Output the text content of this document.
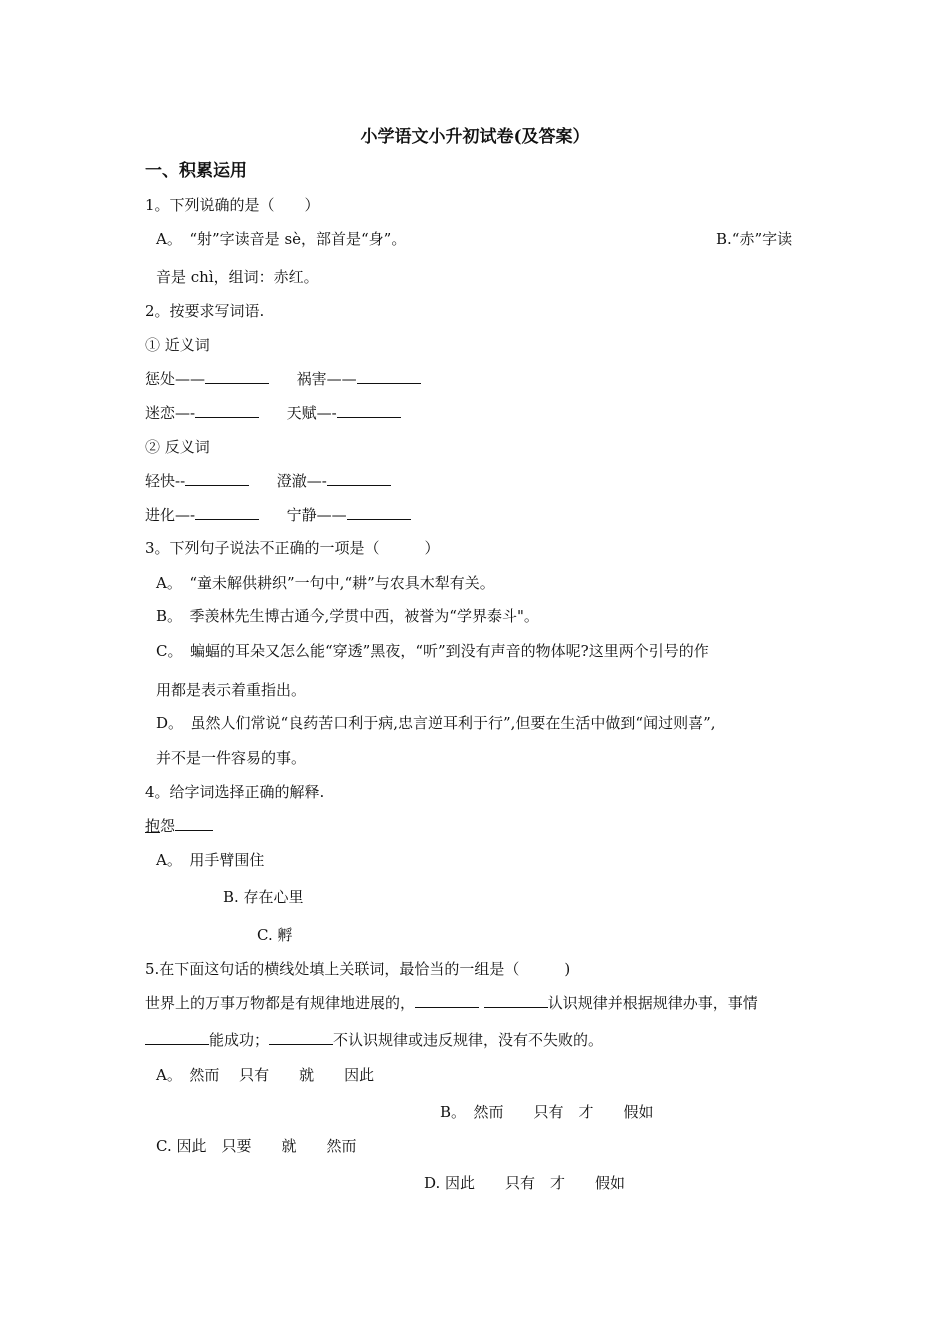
小学语文小升初试卷(及答案）
一、积累运用
1。下列说确的是（　　）
A。　“射”字读音是 sè，部首是“身”。	B.“赤”字读
音是 chì，组词：赤红。
2。按要求写词语.
① 近义词
惩处——	祸害——
迷恋—-	天赋—-
② 反义词
轻快--	澄澈—-
进化—-	宁静——
3。下列句子说法不正确的一项是（　　　）
A。　“童未解供耕织”一句中,“耕”与农具木犁有关。
B。　季羡林先生博古通今,学贯中西，被誉为“学界泰斗"。
C。　蝙蝠的耳朵又怎么能“穿透”黑夜，“听”到没有声音的物体呢?这里两个引号的作
用都是表示着重指出。
D。　虽然人们常说“良药苦口利于病,忠言逆耳利于行”,但要在生活中做到“闻过则喜”,
并不是一件容易的事。
4。给字词选择正确的解释.
抱怨
A。　用手臂围住
B. 存在心里
C. 孵
5.在下面这句话的横线处填上关联词，最恰当的一组是（　　　)
世界上的万事万物都是有规律地进展的，	认识规律并根据规律办事，事情
能成功；	不认识规律或违反规律，没有不失败的。
A。　然而　 只有　　就　　因此
B。　然而　　只有　才　　假如
C. 因此　只要　　就　　然而
D. 因此　　只有　才　　假如
